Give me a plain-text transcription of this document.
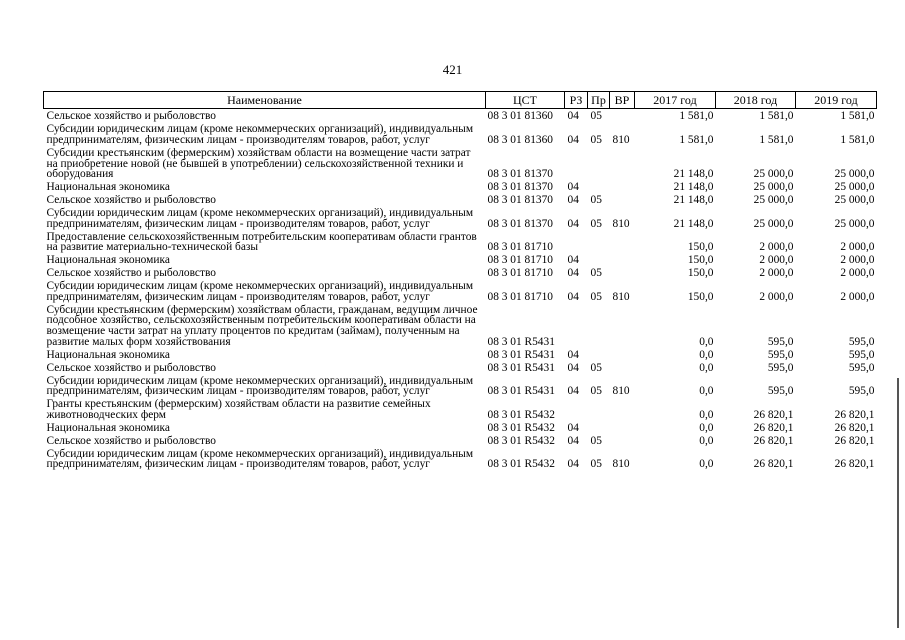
421
Наименование	ЦСТ	РЗ	Пр	ВР	2017 год	2018 год	2019 год
Сельское хозяйство и рыболовство	08 3 01 81360	04	05		1 581,0	1 581,0	1 581,0
Субсидии юридическим лицам (кроме некоммерческих организаций), индивидуальным предпринимателям, физическим лицам - производителям товаров, работ, услуг	08 3 01 81360	04	05	810	1 581,0	1 581,0	1 581,0
Субсидии крестьянским (фермерским) хозяйствам области на возмещение части затрат на приобретение новой (не бывшей в употреблении) сельскохозяйственной техники и оборудования	08 3 01 81370				21 148,0	25 000,0	25 000,0
Национальная экономика	08 3 01 81370	04			21 148,0	25 000,0	25 000,0
Сельское хозяйство и рыболовство	08 3 01 81370	04	05		21 148,0	25 000,0	25 000,0
Субсидии юридическим лицам (кроме некоммерческих организаций), индивидуальным предпринимателям, физическим лицам - производителям товаров, работ, услуг	08 3 01 81370	04	05	810	21 148,0	25 000,0	25 000,0
Предоставление сельскохозяйственным потребительским кооперативам области грантов на развитие материально-технической базы	08 3 01 81710				150,0	2 000,0	2 000,0
Национальная экономика	08 3 01 81710	04			150,0	2 000,0	2 000,0
Сельское хозяйство и рыболовство	08 3 01 81710	04	05		150,0	2 000,0	2 000,0
Субсидии юридическим лицам (кроме некоммерческих организаций), индивидуальным предпринимателям, физическим лицам - производителям товаров, работ, услуг	08 3 01 81710	04	05	810	150,0	2 000,0	2 000,0
Субсидии крестьянским (фермерским) хозяйствам области, гражданам, ведущим личное подсобное хозяйство, сельскохозяйственным потребительским кооперативам области на возмещение части затрат на уплату процентов по кредитам (займам), полученным на развитие малых форм хозяйствования	08 3 01 R5431				0,0	595,0	595,0
Национальная экономика	08 3 01 R5431	04			0,0	595,0	595,0
Сельское хозяйство и рыболовство	08 3 01 R5431	04	05		0,0	595,0	595,0
Субсидии юридическим лицам (кроме некоммерческих организаций), индивидуальным предпринимателям, физическим лицам - производителям товаров, работ, услуг	08 3 01 R5431	04	05	810	0,0	595,0	595,0
Гранты крестьянским (фермерским) хозяйствам области на развитие семейных животноводческих ферм	08 3 01 R5432				0,0	26 820,1	26 820,1
Национальная экономика	08 3 01 R5432	04			0,0	26 820,1	26 820,1
Сельское хозяйство и рыболовство	08 3 01 R5432	04	05		0,0	26 820,1	26 820,1
Субсидии юридическим лицам (кроме некоммерческих организаций), индивидуальным предпринимателям, физическим лицам - производителям товаров, работ, услуг	08 3 01 R5432	04	05	810	0,0	26 820,1	26 820,1
